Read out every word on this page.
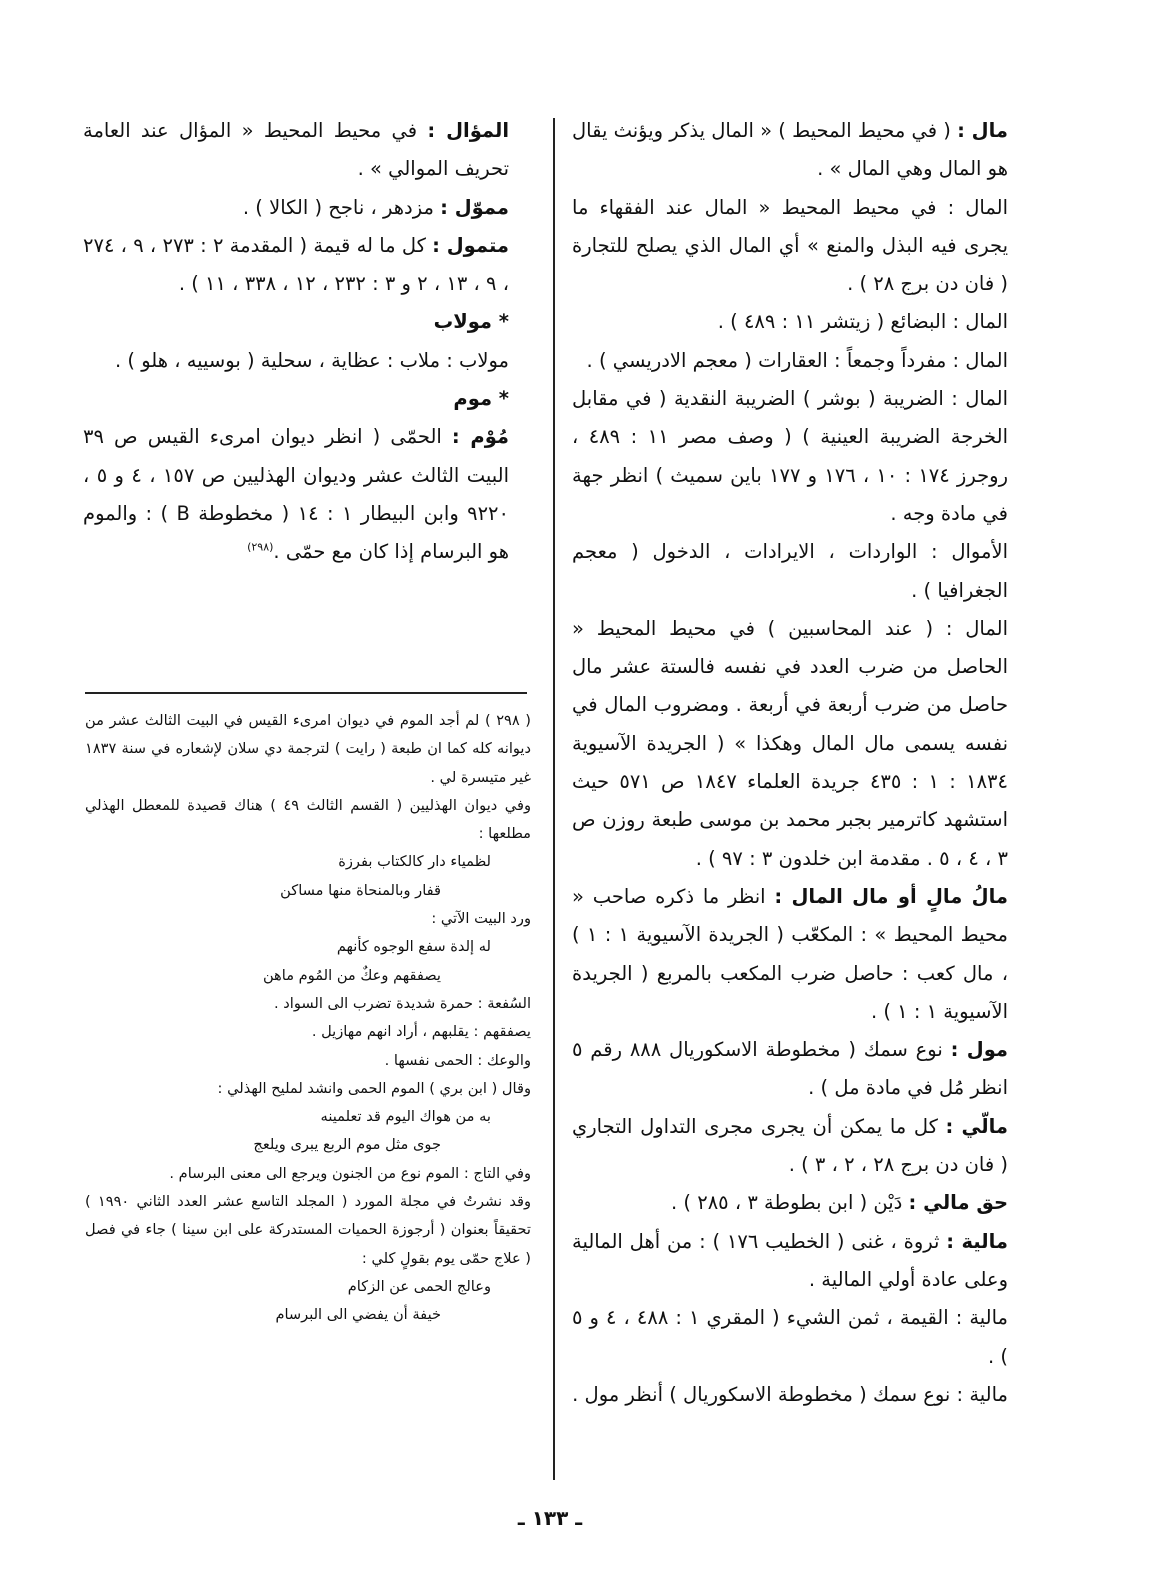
مال : ( في محيط المحيط ) « المال يذكر ويؤنث يقال هو المال وهي المال » .

المال : في محيط المحيط « المال عند الفقهاء ما يجرى فيه البذل والمنع » أي المال الذي يصلح للتجارة ( فان دن برج ٢٨ ) .

المال : البضائع ( زيتشر ١١ : ٤٨٩ ) .

المال : مفرداً وجمعاً : العقارات ( معجم الادريسي ) .

المال : الضريبة ( بوشر ) الضريبة النقدية ( في مقابل الخرجة الضريبة العينية ) ( وصف مصر ١١ : ٤٨٩ ، روجرز ١٧٤ : ١٠ ، ١٧٦ و ١٧٧ باين سميث ) انظر جهة في مادة وجه .

الأموال : الواردات ، الايرادات ، الدخول ( معجم الجغرافيا ) .

المال : ( عند المحاسبين ) في محيط المحيط « الحاصل من ضرب العدد في نفسه فالستة عشر مال حاصل من ضرب أربعة في أربعة . ومضروب المال في نفسه يسمى مال المال وهكذا » ( الجريدة الآسيوية ١٨٣٤ : ١ : ٤٣٥ جريدة العلماء ١٨٤٧ ص ٥٧١ حيث استشهد كاترمير بجبر محمد بن موسى طبعة روزن ص ٣ ، ٤ ، ٥ . مقدمة ابن خلدون ٣ : ٩٧ ) .

مالُ مالٍ أو مال المال : انظر ما ذكره صاحب « محيط المحيط » : المكعّب ( الجريدة الآسيوية ١ : ١ ) ، مال كعب : حاصل ضرب المكعب بالمربع ( الجريدة الآسيوية ١ : ١ ) .

مول : نوع سمك ( مخطوطة الاسكوريال ٨٨٨ رقم ٥ انظر مُل في مادة مل ) .

مالّي : كل ما يمكن أن يجرى مجرى التداول التجاري ( فان دن برج ٢٨ ، ٢ ، ٣ ) .

حق مالي : دَيْن ( ابن بطوطة ٣ ، ٢٨٥ ) .

مالية : ثروة ، غنى ( الخطيب ١٧٦ ) : من أهل المالية وعلى عادة أولي المالية .

مالية : القيمة ، ثمن الشيء ( المقري ١ : ٤٨٨ ، ٤ و ٥ ) .

مالية : نوع سمك ( مخطوطة الاسكوريال ) أنظر مول .

المؤال : في محيط المحيط « المؤال عند العامة تحريف الموالي » .

مموّل : مزدهر ، ناجح ( الكالا ) .

متمول : كل ما له قيمة ( المقدمة ٢ : ٢٧٣ ، ٩ ، ٢٧٤ ، ٩ ، ١٣ ، ٢ و ٣ : ٢٣٢ ، ١٢ ، ٣٣٨ ، ١١ ) .

* مولاب

مولاب : ملاب : عظاية ، سحلية ( بوسييه ، هلو ) .

* موم

مُوْم : الحمّى ( انظر ديوان امرىء القيس ص ٣٩ البيت الثالث عشر وديوان الهذليين ص ١٥٧ ، ٤ و ٥ ، ٩٢٢٠ وابن البيطار ١ : ١٤ ( مخطوطة B ) : والموم هو البرسام إذا كان مع حمّى .$^{(٢٩٨)}$

( ٢٩٨ ) لم أجد الموم في ديوان امرىء القيس في البيت الثالث عشر من ديوانه كله كما ان طبعة ( رايت ) لترجمة دي سلان لإشعاره في سنة ١٨٣٧ غير متيسرة لي .

وفي ديوان الهذليين ( القسم الثالث ٤٩ ) هناك قصيدة للمعطل الهذلي مطلعها :

لظمياء دار كالكتاب بفرزة

قفار وبالمنحاة منها مساكن

ورد البيت الآتي :

له إلدة سفع الوجوه كأنهم

يصفقهم وعكٌ من المُوم ماهن

السُفعة : حمرة شديدة تضرب الى السواد .

يصفقهم : يقلبهم ، أراد انهم مهازيل .

والوعك : الحمى نفسها .

وقال ( ابن بري ) الموم الحمى وانشد لمليح الهذلي :

به من هواك اليوم قد تعلمينه

جوى مثل موم الربع يبرى ويلعج

وفي التاج : الموم نوع من الجنون ويرجع الى معنى البرسام .

وقد نشرتُ في مجلة المورد ( المجلد التاسع عشر العدد الثاني ١٩٩٠ ) تحقيقاً بعنوان ( أرجوزة الحميات المستدركة على ابن سينا ) جاء في فصل ( علاج حمّى يوم بقولٍ كلي :

وعالج الحمى عن الزكام

خيفة أن يفضي الى البرسام

ـ ١٣٣ ـ
